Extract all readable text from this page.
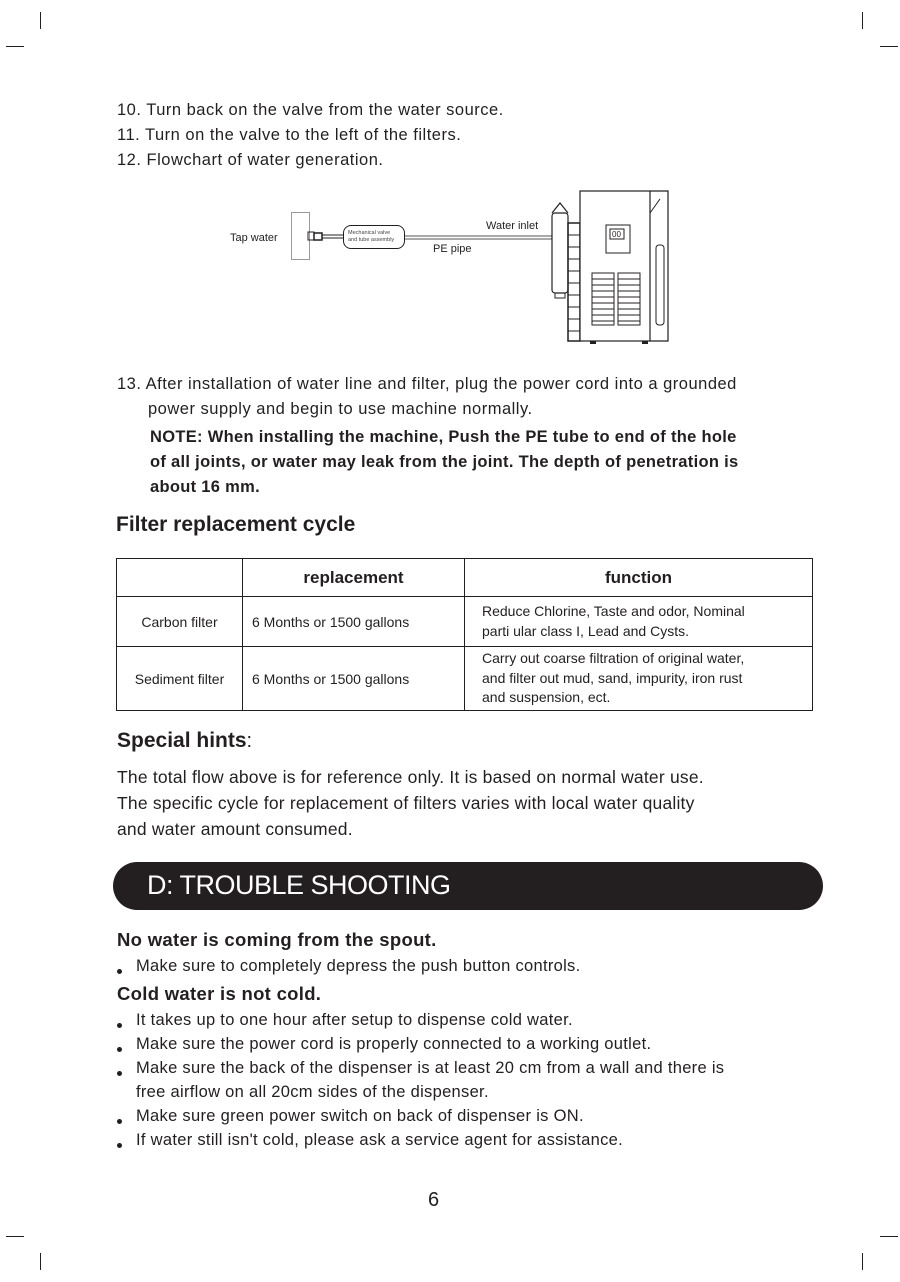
10. Turn back on the valve from the water source.
11. Turn on the valve to the left of the filters.
12. Flowchart of water generation.
Tap water	Mechanical valve
and tube assembly
Water inlet
PE pipe
00
13. After installation of water line and filter, plug the power cord into a grounded
power supply and begin to use machine normally.
NOTE: When installing the machine, Push the PE tube to end of the hole
of all joints, or water may leak from the joint. The depth of penetration is
about 16 mm.
Filter replacement cycle
	replacement	function
Carbon filter	6 Months or 1500 gallons	Reduce Chlorine, Taste and odor, Nominal
parti ular class I, Lead and Cysts.

Sediment filter	6 Months or 1500 gallons	Carry out coarse filtration of original water,
and filter out mud, sand, impurity, iron rust
and suspension, ect.
Special hints:
The total flow above is for reference only. It is based on normal water use.
The specific cycle for replacement of filters varies with local water quality
and water amount consumed.
D: TROUBLE SHOOTING
No water is coming from the spout.
Make sure to completely depress the push button controls.
Cold water is not cold.
It takes up to one hour after setup to dispense cold water.
Make sure the power cord is properly connected to a working outlet.
Make sure the back of the dispenser is at least 20 cm from a wall and there is
free airflow on all 20cm sides of the dispenser.
Make sure green power switch on back of dispenser is ON.
If water still isn't cold, please ask a service agent for assistance.
6
